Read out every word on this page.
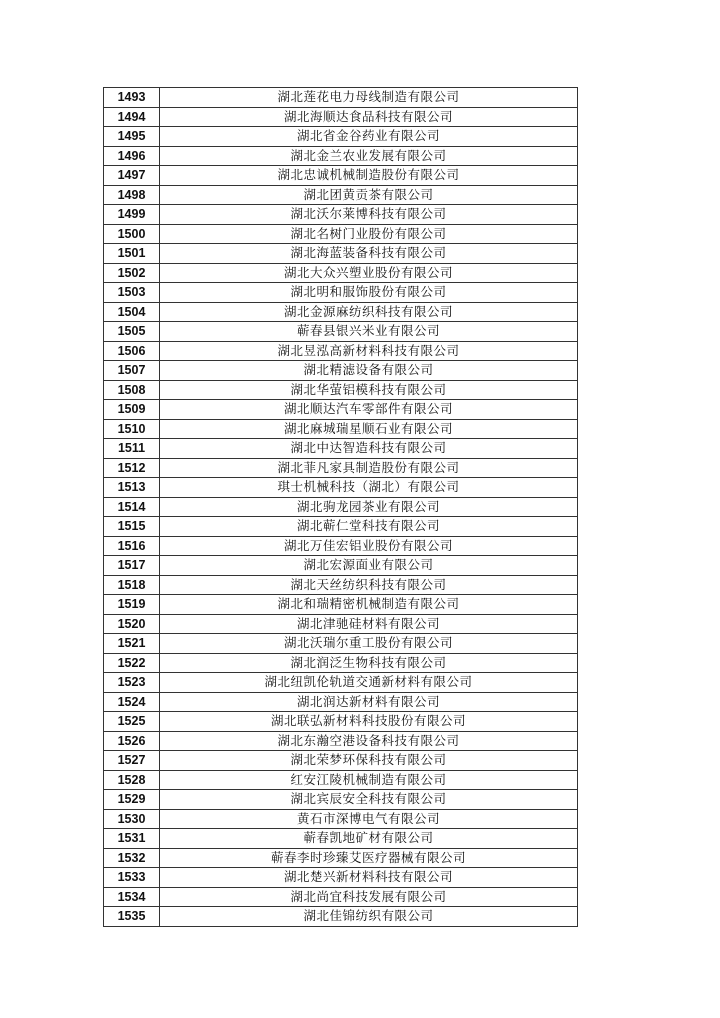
1493	湖北莲花电力母线制造有限公司
1494	湖北海顺达食品科技有限公司
1495	湖北省金谷药业有限公司
1496	湖北金兰农业发展有限公司
1497	湖北忠诚机械制造股份有限公司
1498	湖北团黄贡茶有限公司
1499	湖北沃尔莱博科技有限公司
1500	湖北名树门业股份有限公司
1501	湖北海蓝装备科技有限公司
1502	湖北大众兴塑业股份有限公司
1503	湖北明和服饰股份有限公司
1504	湖北金源麻纺织科技有限公司
1505	蕲春县银兴米业有限公司
1506	湖北昱泓高新材料科技有限公司
1507	湖北精滤设备有限公司
1508	湖北华萤铝模科技有限公司
1509	湖北顺达汽车零部件有限公司
1510	湖北麻城瑞星顺石业有限公司
1511	湖北中达智造科技有限公司
1512	湖北菲凡家具制造股份有限公司
1513	琪士机械科技（湖北）有限公司
1514	湖北驹龙园茶业有限公司
1515	湖北蕲仁堂科技有限公司
1516	湖北万佳宏铝业股份有限公司
1517	湖北宏源面业有限公司
1518	湖北天丝纺织科技有限公司
1519	湖北和瑞精密机械制造有限公司
1520	湖北津驰硅材料有限公司
1521	湖北沃瑞尔重工股份有限公司
1522	湖北润泛生物科技有限公司
1523	湖北纽凯伦轨道交通新材料有限公司
1524	湖北润达新材料有限公司
1525	湖北联弘新材料科技股份有限公司
1526	湖北东瀚空港设备科技有限公司
1527	湖北荣梦环保科技有限公司
1528	红安江陵机械制造有限公司
1529	湖北宾辰安全科技有限公司
1530	黄石市深博电气有限公司
1531	蕲春凯地矿材有限公司
1532	蕲春李时珍臻艾医疗器械有限公司
1533	湖北楚兴新材料科技有限公司
1534	湖北尚宜科技发展有限公司
1535	湖北佳锦纺织有限公司
